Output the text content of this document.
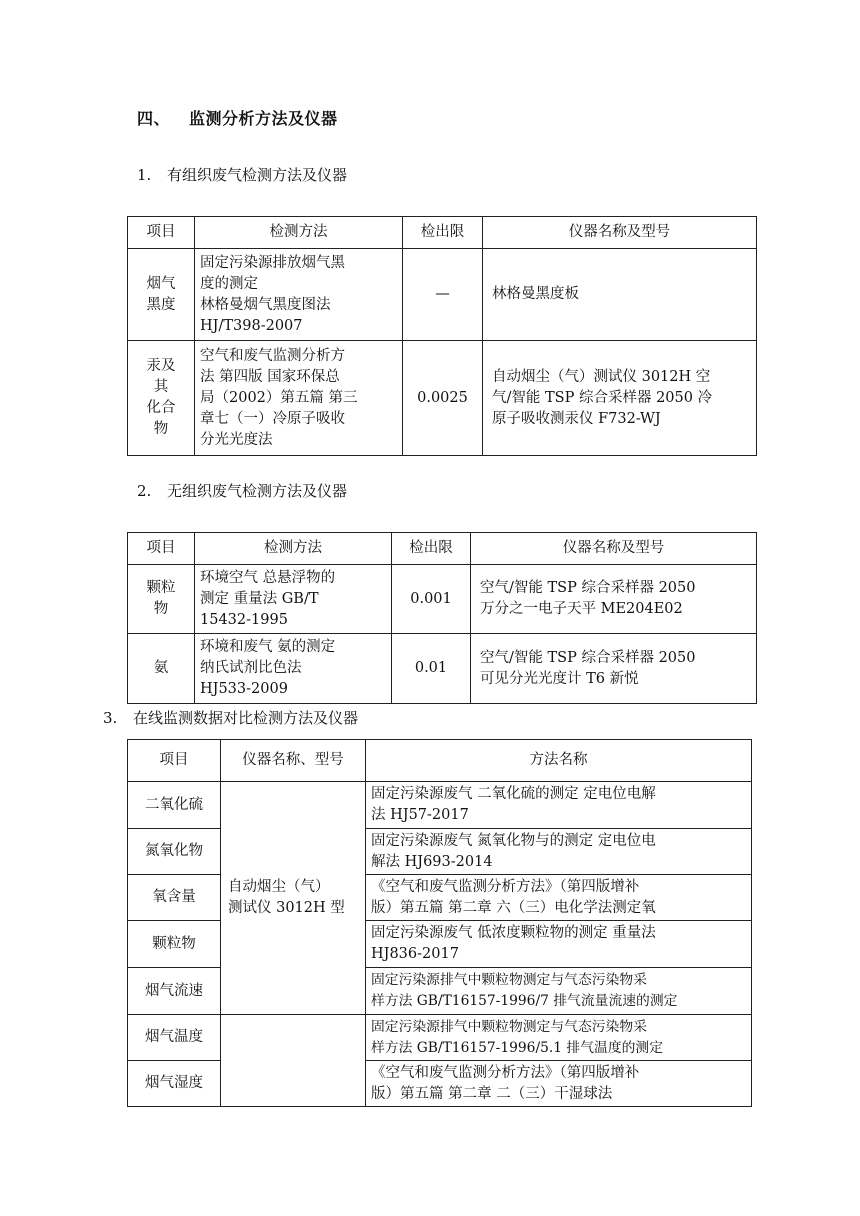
四、 监测分析方法及仪器
1. 有组织废气检测方法及仪器
项目	检测方法	检出限	仪器名称及型号
烟气
黑度	固定污染源排放烟气黑
度的测定
林格曼烟气黑度图法
HJ/T398-2007	—	林格曼黑度板
汞及
其
化合
物	空气和废气监测分析方
法 第四版 国家环保总
局（2002）第五篇 第三
章七（一）冷原子吸收
分光光度法	0.0025	自动烟尘（气）测试仪 3012H 空
气/智能 TSP 综合采样器 2050 冷
原子吸收测汞仪 F732-WJ
2. 无组织废气检测方法及仪器
项目	检测方法	检出限	仪器名称及型号
颗粒
物	环境空气 总悬浮物的
测定 重量法 GB/T
15432-1995	0.001	空气/智能 TSP 综合采样器 2050
万分之一电子天平 ME204E02
氨	环境和废气 氨的测定
纳氏试剂比色法
HJ533-2009	0.01	空气/智能 TSP 综合采样器 2050
可见分光光度计 T6 新悦
3. 在线监测数据对比检测方法及仪器
项目	仪器名称、型号	方法名称
二氧化硫	自动烟尘（气）
测试仪 3012H 型	固定污染源废气 二氧化硫的测定 定电位电解
法 HJ57-2017
氮氧化物		固定污染源废气 氮氧化物与的测定 定电位电
解法 HJ693-2014
氧含量		《空气和废气监测分析方法》（第四版增补
版）第五篇 第二章 六（三）电化学法测定氧
颗粒物		固定污染源废气 低浓度颗粒物的测定 重量法
HJ836-2017
烟气流速		固定污染源排气中颗粒物测定与气态污染物采
样方法 GB/T16157-1996/7 排气流量流速的测定
烟气温度		固定污染源排气中颗粒物测定与气态污染物采
样方法 GB/T16157-1996/5.1 排气温度的测定
烟气湿度		《空气和废气监测分析方法》（第四版增补
版）第五篇 第二章 二（三）干湿球法
